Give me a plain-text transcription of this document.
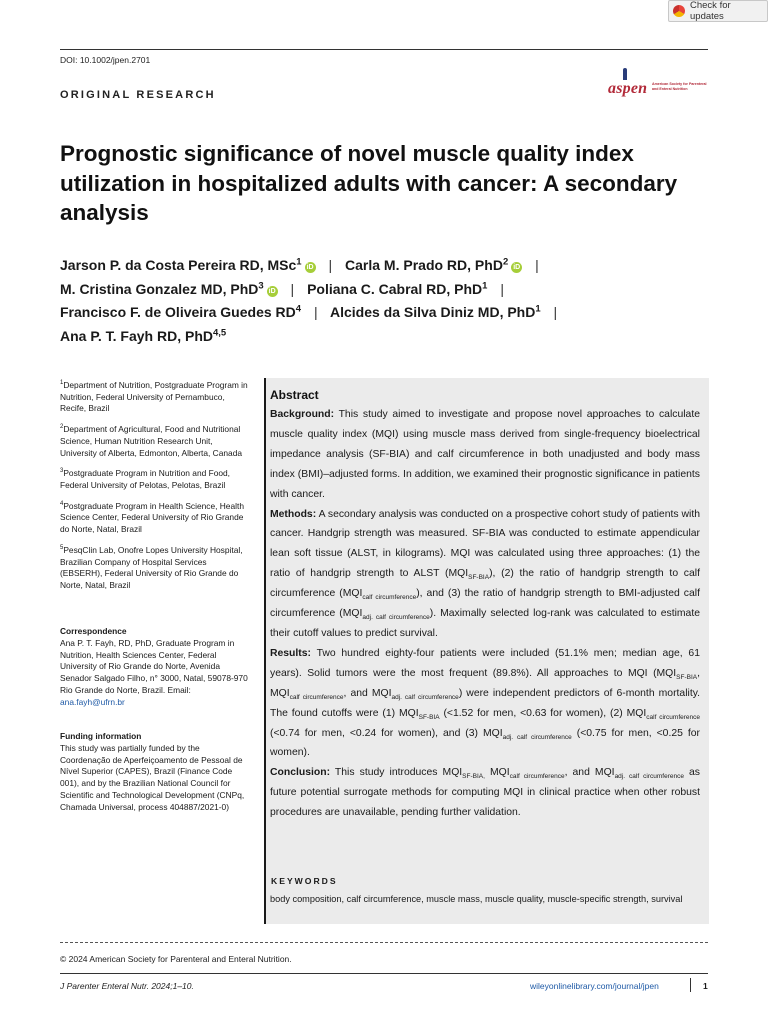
Check for updates
DOI: 10.1002/jpen.2701
ORIGINAL RESEARCH	aspen American Society for Parenteral and Enteral Nutrition
Prognostic significance of novel muscle quality index utilization in hospitalized adults with cancer: A secondary analysis
Jarson P. da Costa Pereira RD, MSc$^1$iD | Carla M. Prado RD, PhD$^2$iD |
M. Cristina Gonzalez MD, PhD$^3$iD | Poliana C. Cabral RD, PhD$^1$ |
Francisco F. de Oliveira Guedes $RD^4$ | Alcides da Silva Diniz MD, PhD$^1$ |
Ana P. T. Fayh RD, PhD$^{4,5}$

$^1$Department of Nutrition, Postgraduate Program in Nutrition, Federal University of Pernambuco, Recife, Brazil

$^2$Department of Agricultural, Food and Nutritional Science, Human Nutrition Research Unit, University of Alberta, Edmonton, Alberta, Canada

$^3$Postgraduate Program in Nutrition and Food, Federal University of Pelotas, Pelotas, Brazil

$^4$Postgraduate Program in Health Science, Health Science Center, Federal University of Rio Grande do Norte, Natal, Brazil

$^5$PesqClin Lab, Onofre Lopes University Hospital, Brazilian Company of Hospital Services (EBSERH), Federal University of Rio Grande do Norte, Natal, Brazil

Correspondence
Ana P. T. Fayh, RD, PhD, Graduate Program in Nutrition, Health Sciences Center, Federal University of Rio Grande do Norte, Avenida Senador Salgado Filho, n° 3000, Natal, 59078-970 Rio Grande do Norte, Brazil. Email: ana.fayh@ufrn.br
Funding information
This study was partially funded by the Coordenação de Aperfeiçoamento de Pessoal de Nível Superior (CAPES), Brazil (Finance Code 001), and by the Brazilian National Council for Scientific and Technological Development (CNPq, Chamada Universal, process 404887/2021-0)
Abstract

Background: This study aimed to investigate and propose novel approaches to calculate muscle quality index (MQI) using muscle mass derived from single-frequency bioelectrical impedance analysis (SF-BIA) and calf circumference in both unadjusted and body mass index (BMI)–adjusted forms. In addition, we examined their prognostic significance in patients with cancer.
Methods: A secondary analysis was conducted on a prospective cohort study of patients with cancer. Handgrip strength was measured. SF-BIA was conducted to estimate appendicular lean soft tissue (ALST, in kilograms). MQI was calculated using three approaches: (1) the ratio of handgrip strength to ALST $(MQI_{SF-BIA})$, (2) the ratio of handgrip strength to calf circumference $(MQI_{calf circumference})$, and (3) the ratio of handgrip strength to BMI-adjusted calf circumference $(MQI_{adj. calf circumference})$. Maximally selected log-rank was calculated to estimate their cutoff values to predict survival.
Results: Two hundred eighty-four patients were included (51.1% men; median age, 61 years). Solid tumors were the most frequent (89.8%). All approaches to MQI ($MQI_{SF-BIA}$, $MQI_{calf circumference}$, and $MQI_{adj. calf circumference}$) were independent predictors of 6-month mortality. The found cutoffs were (1) $MQI_{SF-BIA}$ (<1.52 for men, <0.63 for women), (2) $MQI_{calf circumference}$ (<0.74 for men, <0.24 for women), and (3) $MQI_{adj. calf circumference}$ (<0.75 for men, <0.25 for women).
Conclusion: This study introduces $MQI_{SF-BIA,}$ $MQI_{calf circumference}$, and $MQI_{adj. calf circumference}$ as future potential surrogate methods for computing MQI in clinical practice when other robust procedures are unavailable, pending further validation.

KEYWORDS
body composition, calf circumference, muscle mass, muscle quality, muscle-specific strength, survival
© 2024 American Society for Parenteral and Enteral Nutrition.
J Parenter Enteral Nutr. 2024;1–10.	wileyonlinelibrary.com/journal/jpen	1
